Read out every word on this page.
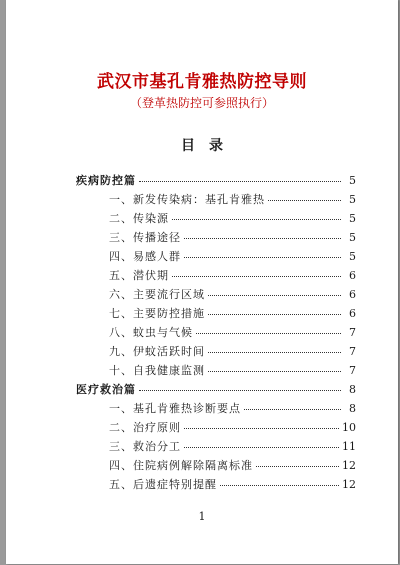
武汉市基孔肯雅热防控导则
（登革热防控可参照执行）
目　录
疾病防控篇	5
一、新发传染病：基孔肯雅热	5
二、传染源	5
三、传播途径	5
四、易感人群	5
五、潜伏期	6
六、主要流行区域	6
七、主要防控措施	6
八、蚊虫与气候	7
九、伊蚊活跃时间	7
十、自我健康监测	7
医疗救治篇	8
一、基孔肯雅热诊断要点	8
二、治疗原则	10
三、救治分工	11
四、住院病例解除隔离标准	12
五、后遗症特别提醒	12
1
